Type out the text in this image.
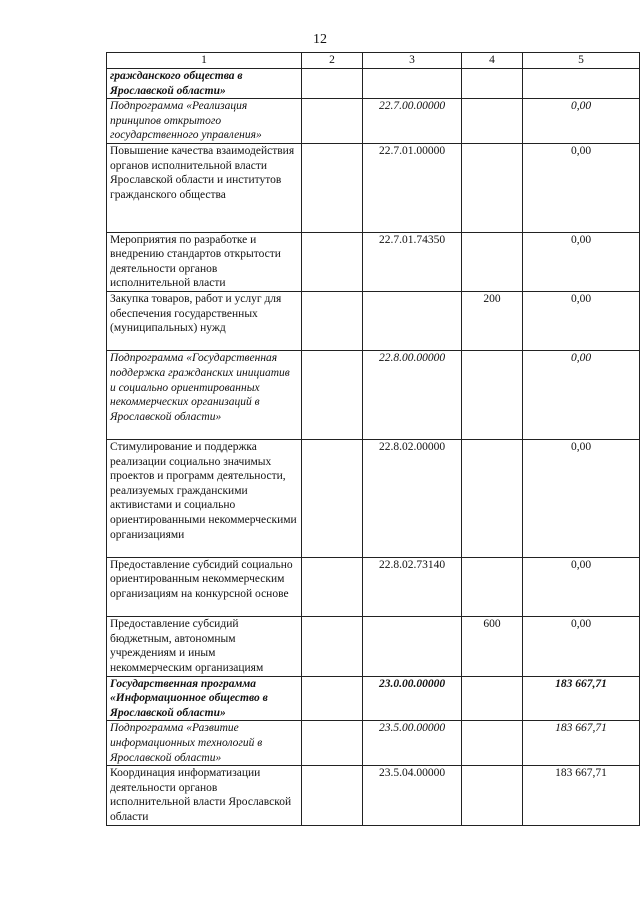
12
1	2	3	4	5
гражданского общества в Ярославской области»				
Подпрограмма «Реализация принципов открытого государственного управления»		22.7.00.00000		0,00
Повышение качества взаимодействия органов исполнительной власти Ярославской области и институтов гражданского общества		22.7.01.00000		0,00
Мероприятия по разработке и внедрению стандартов открытости деятельности органов исполнительной власти		22.7.01.74350		0,00
Закупка товаров, работ и услуг для обеспечения государственных (муниципальных) нужд			200	0,00
Подпрограмма «Государственная поддержка гражданских инициатив и социально ориентированных некоммерческих организаций в Ярославской области»		22.8.00.00000		0,00
Стимулирование и поддержка реализации социально значимых проектов и программ деятельности, реализуемых гражданскими активистами и социально ориентированными некоммерческими организациями		22.8.02.00000		0,00
Предоставление субсидий социально ориентированным некоммерческим организациям на конкурсной основе		22.8.02.73140		0,00
Предоставление субсидий бюджетным, автономным учреждениям и иным некоммерческим организациям			600	0,00
Государственная программа «Информационное общество в Ярославской области»		23.0.00.00000		183 667,71
Подпрограмма «Развитие информационных технологий в Ярославской области»		23.5.00.00000		183 667,71
Координация информатизации деятельности органов исполнительной власти Ярославской области		23.5.04.00000		183 667,71
